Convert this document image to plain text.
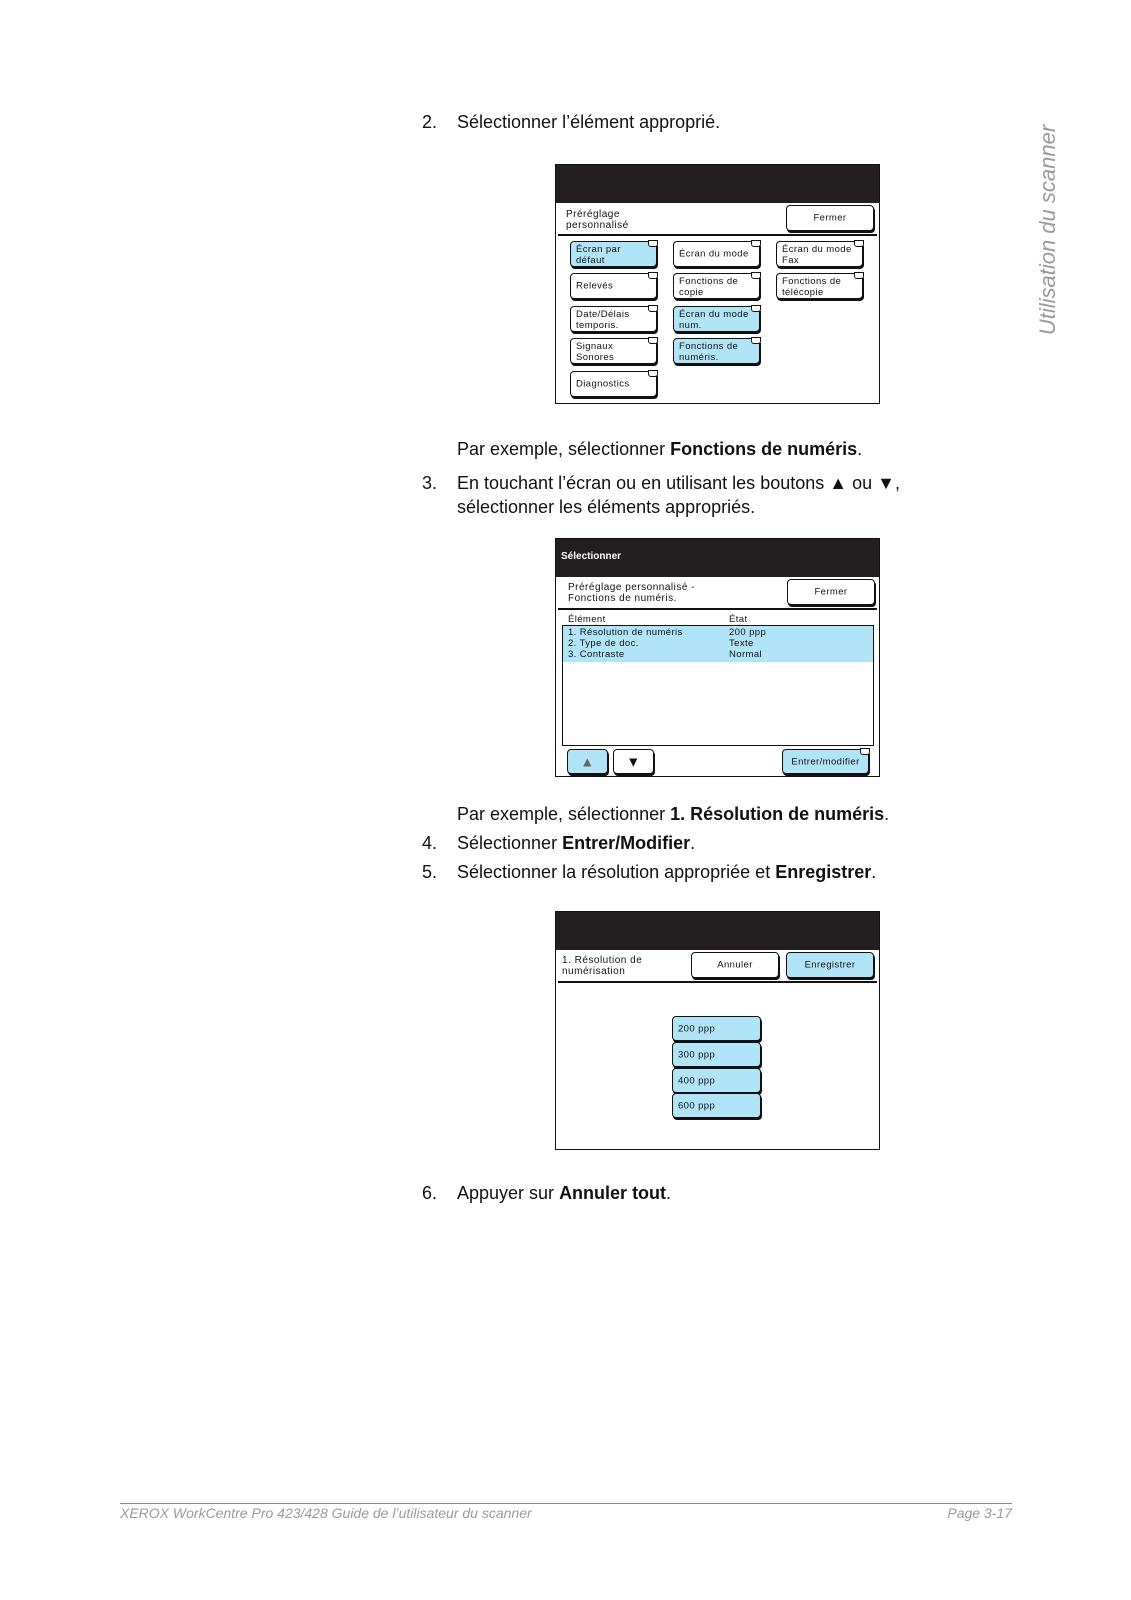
Utilisation du scanner
2. Sélectionner l’élément approprié.
Préréglage
personnalisé
Fermer
Écran par
défaut
Écran du mode	Écran du mode
Fax
Relevés	Fonctions de
copie
Fonctions de
télécopie
Date/Délais
temporis.
Écran du mode
num.
Signaux
Sonores
Fonctions de
numéris.
Diagnostics
Par exemple, sélectionner Fonctions de numéris.
3. En touchant l’écran ou en utilisant les boutons ▲ ou ▼,
sélectionner les éléments appropriés.
Sélectionner
Préréglage personnalisé -
Fonctions de numéris.
Fermer
Élément	État
1. Résolution de numéris	200 ppp
2. Type de doc.	Texte
3. Contraste	Normal
▲	▼	Entrer/modifier
Par exemple, sélectionner 1. Résolution de numéris.
4. Sélectionner Entrer/Modifier.
5. Sélectionner la résolution appropriée et Enregistrer.
1. Résolution de
numérisation
Annuler	Enregistrer
200 ppp
300 ppp
400 ppp
600 ppp
6. Appuyer sur Annuler tout.
XEROX WorkCentre Pro 423/428 Guide de l’utilisateur du scanner	Page 3-17
